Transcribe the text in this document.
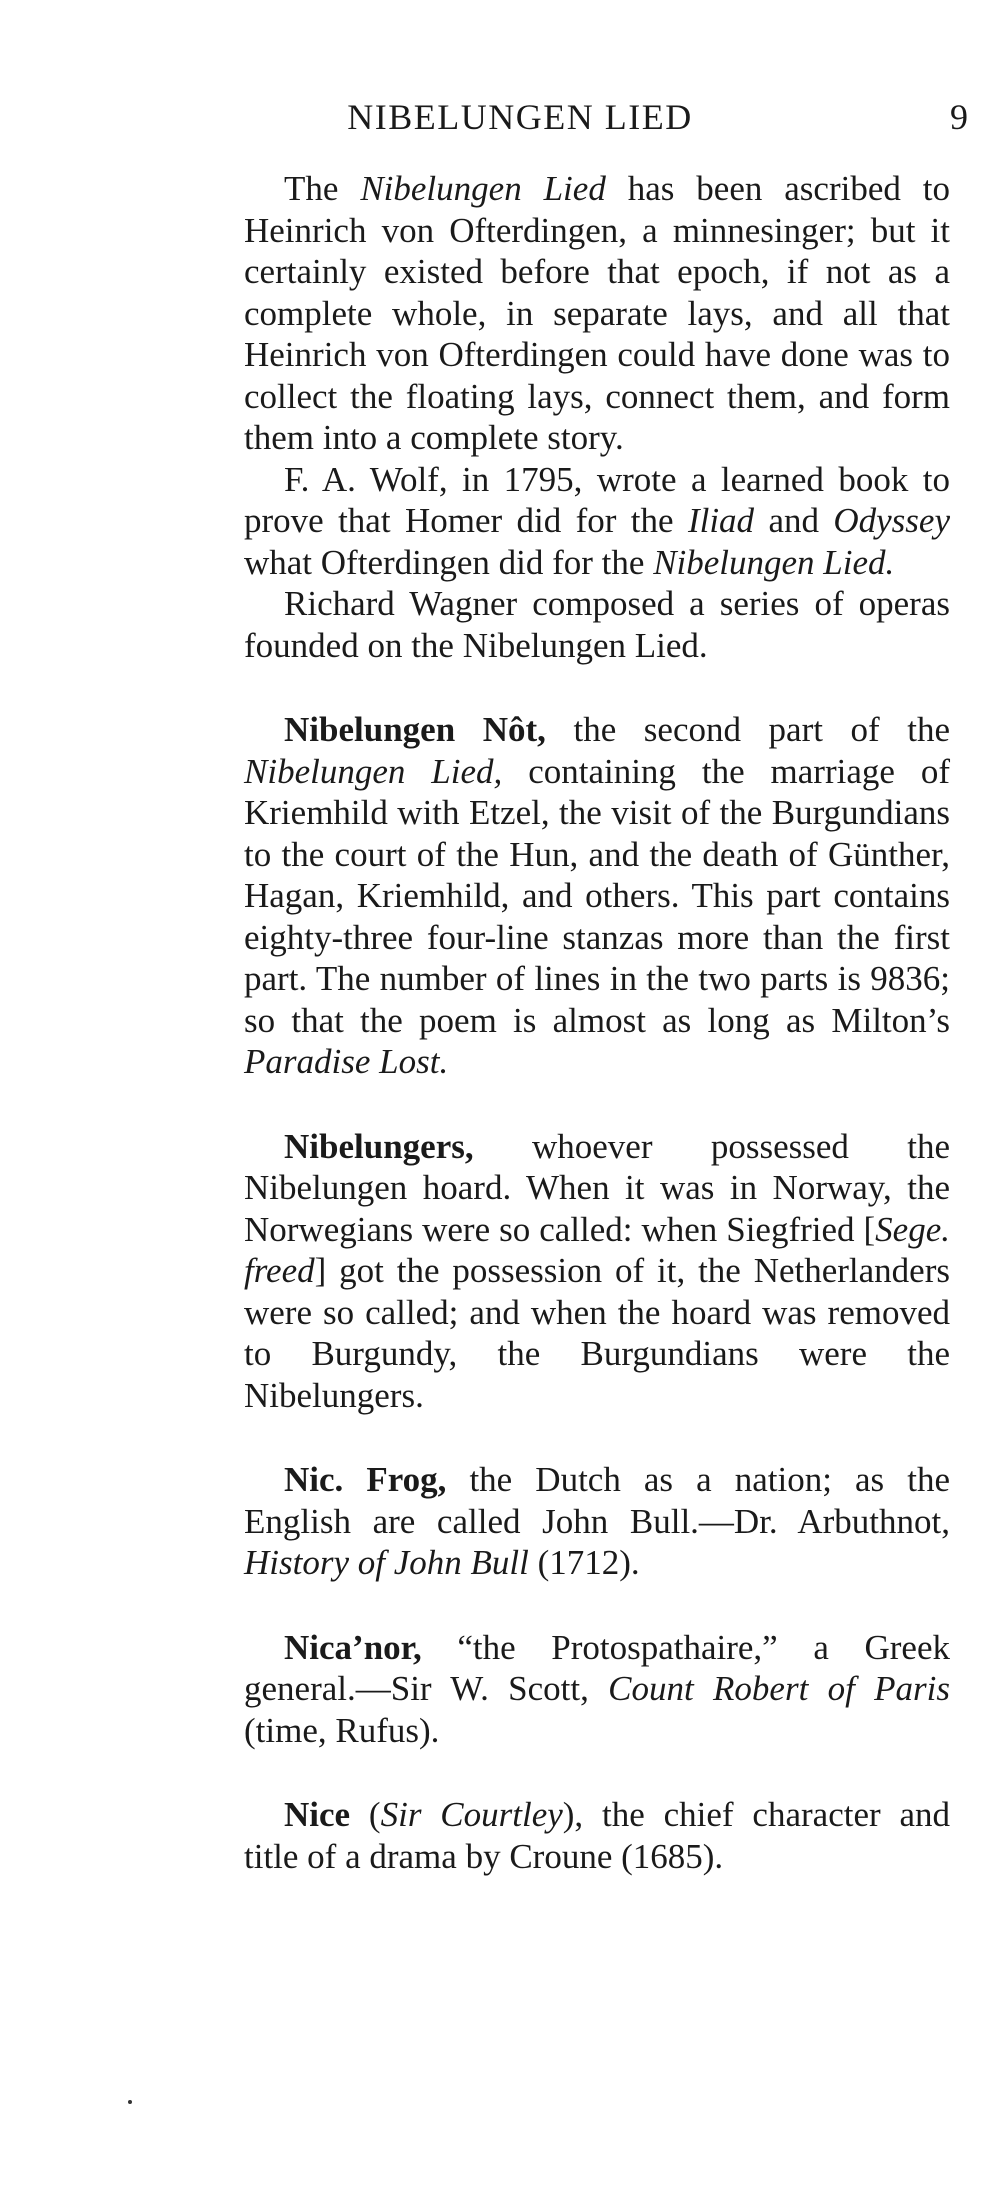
NIBELUNGEN LIED	9

The Nibelungen Lied has been ascribed to Heinrich von Ofterdingen, a minnesinger; but it certainly existed before that epoch, if not as a complete whole, in separate lays, and all that Heinrich von Ofterdingen could have done was to collect the floating lays, connect them, and form them into a complete story.

F. A. Wolf, in 1795, wrote a learned book to prove that Homer did for the Iliad and Odyssey what Ofterdingen did for the Nibelungen Lied.

Richard Wagner composed a series of operas founded on the Nibelungen Lied.

Nibelungen Nôt, the second part of the Nibelungen Lied, containing the marriage of Kriemhild with Etzel, the visit of the Burgundians to the court of the Hun, and the death of Günther, Hagan, Kriemhild, and others. This part contains eighty-three four-line stanzas more than the first part. The number of lines in the two parts is 9836; so that the poem is almost as long as Milton’s Paradise Lost.

Nibelungers, whoever possessed the Nibelungen hoard. When it was in Norway, the Norwegians were so called: when Siegfried [Sege. freed] got the possession of it, the Netherlanders were so called; and when the hoard was removed to Burgundy, the Burgundians were the Nibelungers.

Nic. Frog, the Dutch as a nation; as the English are called John Bull.—Dr. Arbuthnot, History of John Bull (1712).

Nica’nor, “the Protospathaire,” a Greek general.—Sir W. Scott, Count Robert of Paris (time, Rufus).

Nice (Sir Courtley), the chief character and title of a drama by Croune (1685).
